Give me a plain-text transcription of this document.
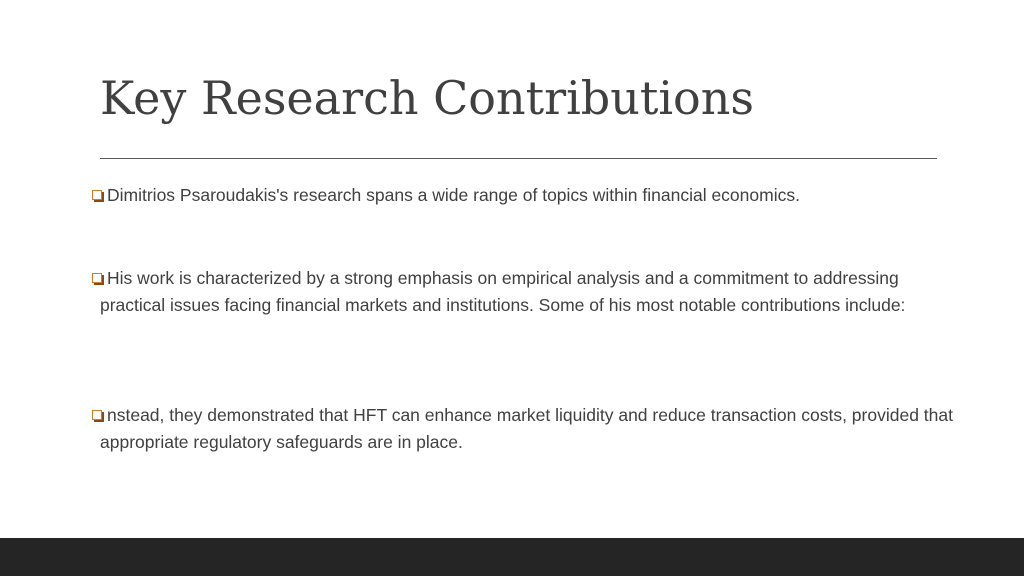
Key Research Contributions
Dimitrios Psaroudakis's research spans a wide range of topics within financial economics.
His work is characterized by a strong emphasis on empirical analysis and a commitment to addressing practical issues facing financial markets and institutions. Some of his most notable contributions include:
nstead, they demonstrated that HFT can enhance market liquidity and reduce transaction costs, provided that appropriate regulatory safeguards are in place.
